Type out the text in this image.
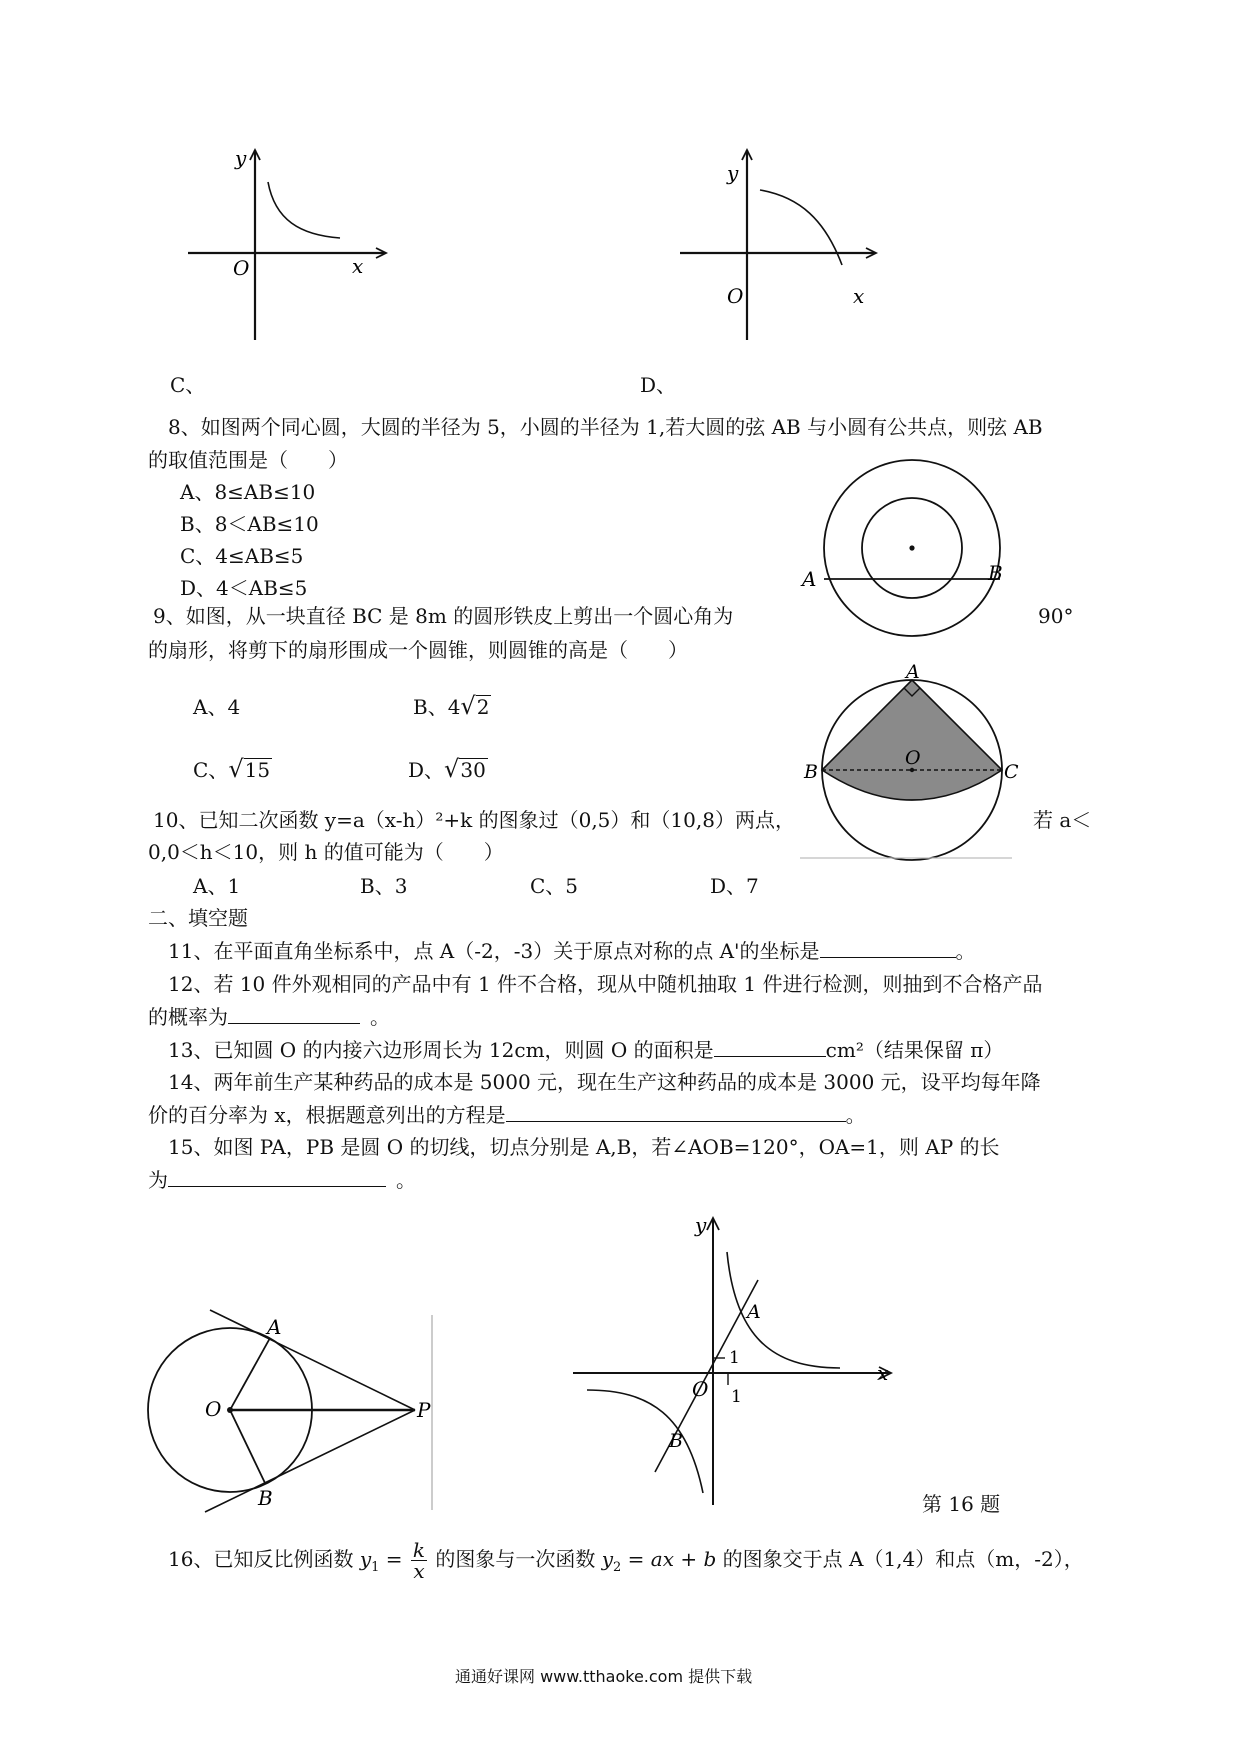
y
x
O
C、
y
x
O
D、
8、如图两个同心圆，大圆的半径为 5，小圆的半径为 1,若大圆的弦 AB 与小圆有公共点，则弦 AB
的取值范围是（　　）
A、8≤AB≤10
B、8＜AB≤10
C、4≤AB≤5
D、4＜AB≤5	A	B
9、如图，从一块直径 BC 是 8m 的圆形铁皮上剪出一个圆心角为	90°
的扇形，将剪下的扇形围成一个圆锥，则圆锥的高是（　　）
A、4	B、4√2
C、√15	D、√30
A
B	C
O
10、已知二次函数 y=a（x-h）²+k 的图象过（0,5）和（10,8）两点，	若 a＜
0,0＜h＜10，则 h 的值可能为（　　）
A、1	B、3	C、5	D、7
二、填空题
11、在平面直角坐标系中，点 A（-2，-3）关于原点对称的点 A'的坐标是	。
12、若 10 件外观相同的产品中有 1 件不合格，现从中随机抽取 1 件进行检测，则抽到不合格产品
的概率为	。
13、已知圆 O 的内接六边形周长为 12cm，则圆 O 的面积是	cm²（结果保留 π）
14、两年前生产某种药品的成本是 5000 元，现在生产这种药品的成本是 3000 元，设平均每年降
价的百分率为 x，根据题意列出的方程是	。
15、如图 PA，PB 是圆 O 的切线，切点分别是 A,B，若∠AOB=120°，OA=1，则 AP 的长
为	。
A
B
O	P
y
x
O
A
B
1
1
第 16 题
16、已知反比例函数 $y_1 = \frac{k}{x}$ 的图象与一次函数 $y_2$ = ax + b 的图象交于点 A（1,4）和点（m，-2），
通通好课网 www.tthaoke.com 提供下载
